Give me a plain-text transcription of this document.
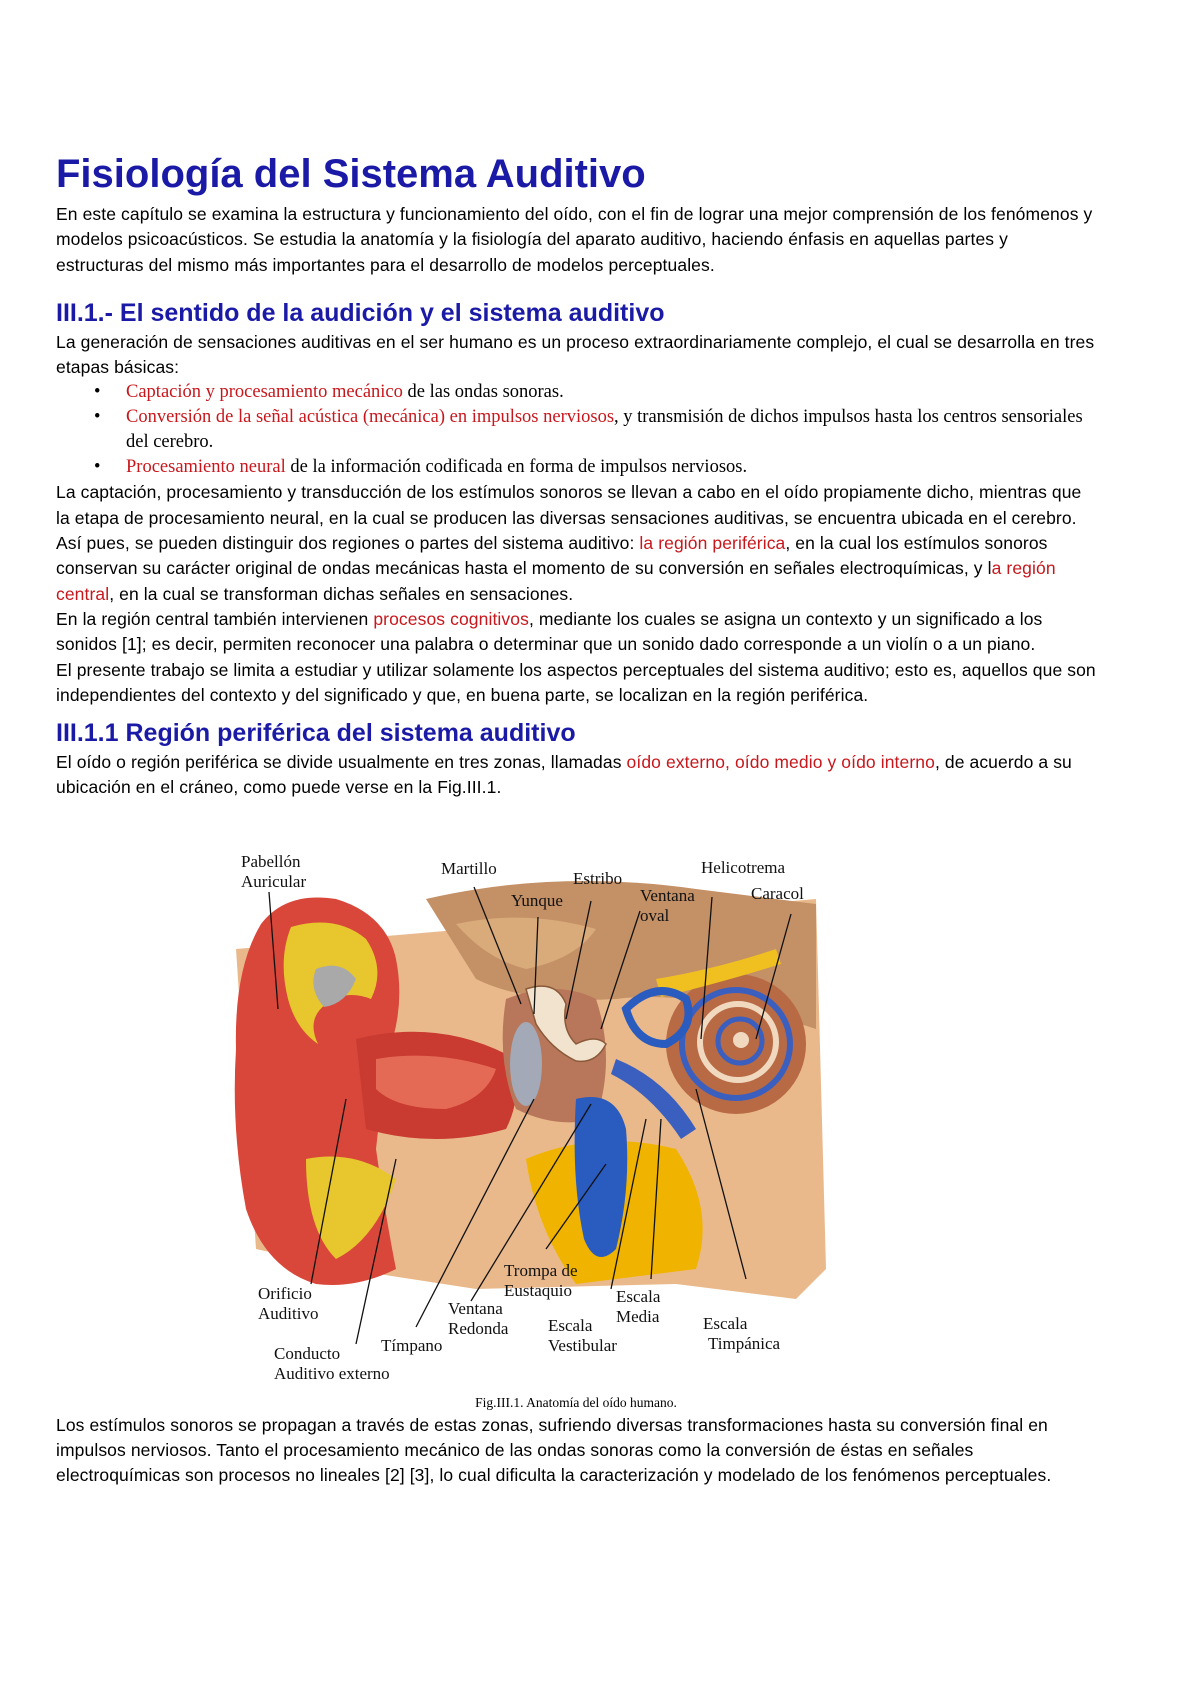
Fisiología del Sistema Auditivo

En este capítulo se examina la estructura y funcionamiento del oído, con el fin de lograr una mejor comprensión de los fenómenos y modelos psicoacústicos. Se estudia la anatomía y la fisiología del aparato auditivo, haciendo énfasis en aquellas partes y estructuras del mismo más importantes para el desarrollo de modelos perceptuales.

III.1.- El sentido de la audición y el sistema auditivo

La generación de sensaciones auditivas en el ser humano es un proceso extraordinariamente complejo, el cual se desarrolla en tres etapas básicas:

• Captación y procesamiento mecánico de las ondas sonoras.
• Conversión de la señal acústica (mecánica) en impulsos nerviosos, y transmisión de dichos impulsos hasta los centros sensoriales del cerebro.
• Procesamiento neural de la información codificada en forma de impulsos nerviosos.

La captación, procesamiento y transducción de los estímulos sonoros se llevan a cabo en el oído propiamente dicho, mientras que la etapa de procesamiento neural, en la cual se producen las diversas sensaciones auditivas, se encuentra ubicada en el cerebro. Así pues, se pueden distinguir dos regiones o partes del sistema auditivo: la región periférica, en la cual los estímulos sonoros conservan su carácter original de ondas mecánicas hasta el momento de su conversión en señales electroquímicas, y la región central, en la cual se transforman dichas señales en sensaciones.

En la región central también intervienen procesos cognitivos, mediante los cuales se asigna un contexto y un significado a los sonidos [1]; es decir, permiten reconocer una palabra o determinar que un sonido dado corresponde a un violín o a un piano.

El presente trabajo se limita a estudiar y utilizar solamente los aspectos perceptuales del sistema auditivo; esto es, aquellos que son independientes del contexto y del significado y que, en buena parte, se localizan en la región periférica.

III.1.1 Región periférica del sistema auditivo

El oído o región periférica se divide usualmente en tres zonas, llamadas oído externo, oído medio y oído interno, de acuerdo a su ubicación en el cráneo, como puede verse en la Fig.III.1.

Pabellón
Auricular
Martillo
Yunque
Estribo
Ventana
oval
Helicotrema
Caracol
Orificio
Auditivo
Conducto
Auditivo externo
Tímpano
Ventana
Redonda
Trompa de
Eustaquio
Escala
Vestibular
Escala
Media	Escala
Timpánica
Fig.III.1. Anatomía del oído humano.

Los estímulos sonoros se propagan a través de estas zonas, sufriendo diversas transformaciones hasta su conversión final en impulsos nerviosos. Tanto el procesamiento mecánico de las ondas sonoras como la conversión de éstas en señales electroquímicas son procesos no lineales [2] [3], lo cual dificulta la caracterización y modelado de los fenómenos perceptuales.
